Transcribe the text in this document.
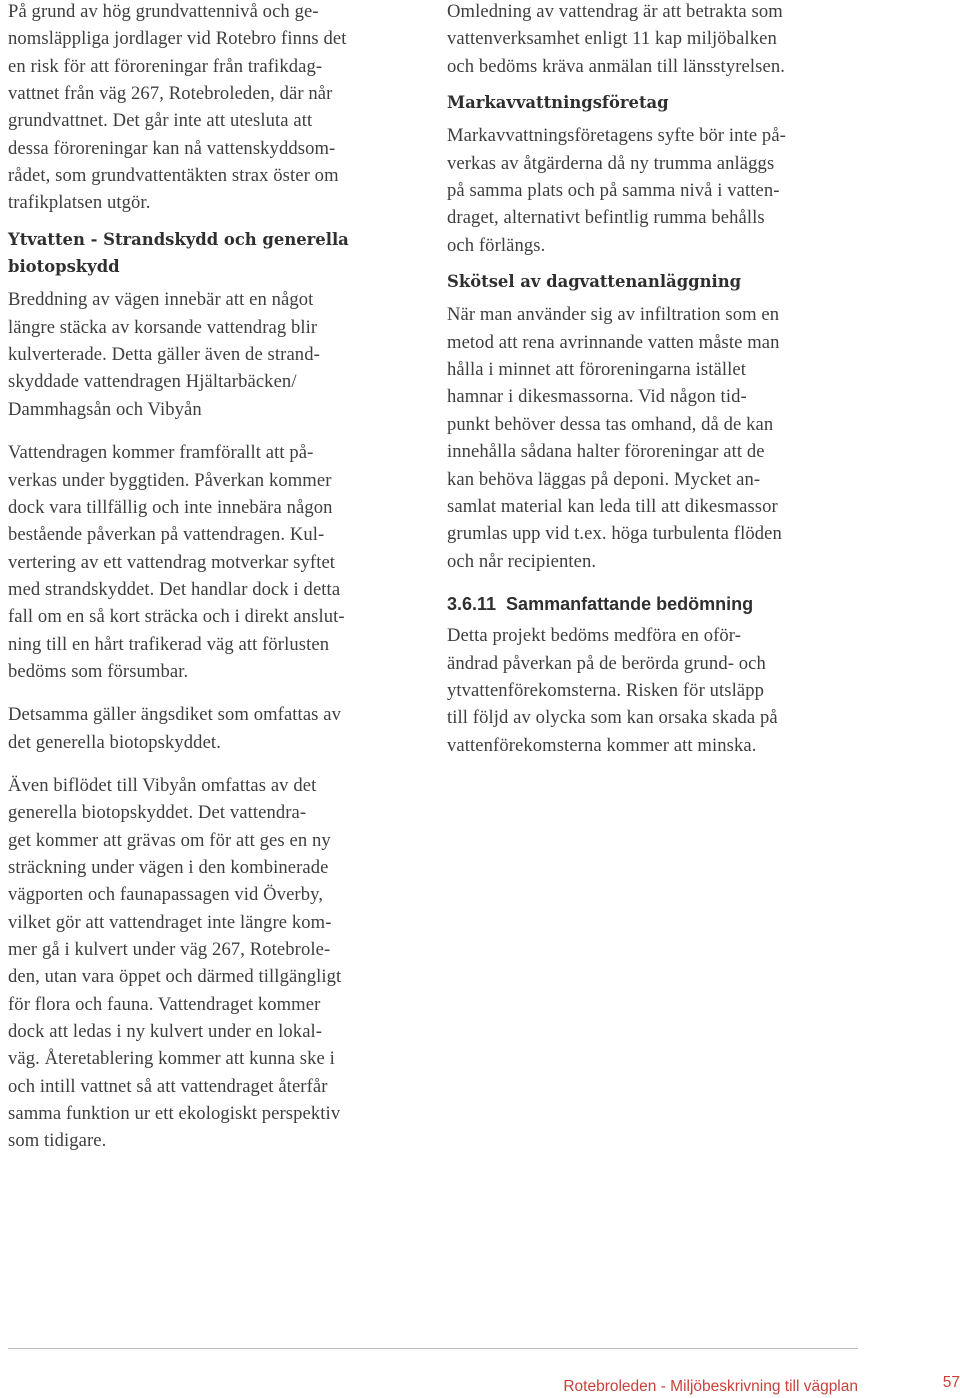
På grund av hög grundvattennivå och ge-
nomsläppliga jordlager vid Rotebro finns det
en risk för att föroreningar från trafikdag-
vattnet från väg 267, Rotebroleden, där når
grundvattnet. Det går inte att utesluta att
dessa föroreningar kan nå vattenskyddsom-
rådet, som grundvattentäkten strax öster om
trafikplatsen utgör.
Ytvatten - Strandskydd och generella
biotopskydd
Breddning av vägen innebär att en något
längre stäcka av korsande vattendrag blir
kulverterade. Detta gäller även de strand-
skyddade vattendragen Hjältarbäcken/
Dammhagsån och Vibyån
Vattendragen kommer framförallt att på-
verkas under byggtiden. Påverkan kommer
dock vara tillfällig och inte innebära någon
bestående påverkan på vattendragen. Kul-
vertering av ett vattendrag motverkar syftet
med strandskyddet. Det handlar dock i detta
fall om en så kort sträcka och i direkt anslut-
ning till en hårt trafikerad väg att förlusten
bedöms som försumbar.
Detsamma gäller ängsdiket som omfattas av
det generella biotopskyddet.
Även biflödet till Vibyån omfattas av det
generella biotopskyddet. Det vattendra-
get kommer att grävas om för att ges en ny
sträckning under vägen i den kombinerade
vägporten och faunapassagen vid Överby,
vilket gör att vattendraget inte längre kom-
mer gå i kulvert under väg 267, Rotebrole-
den, utan vara öppet och därmed tillgängligt
för flora och fauna. Vattendraget kommer
dock att ledas i ny kulvert under en lokal-
väg. Återetablering kommer att kunna ske i
och intill vattnet så att vattendraget återfår
samma funktion ur ett ekologiskt perspektiv
som tidigare.
Omledning av vattendrag är att betrakta som
vattenverksamhet enligt 11 kap miljöbalken
och bedöms kräva anmälan till länsstyrelsen.
Markavvattningsföretag
Markavvattningsföretagens syfte bör inte på-
verkas av åtgärderna då ny trumma anläggs
på samma plats och på samma nivå i vatten-
draget, alternativt befintlig rumma behålls
och förlängs.
Skötsel av dagvattenanläggning
När man använder sig av infiltration som en
metod att rena avrinnande vatten måste man
hålla i minnet att föroreningarna istället
hamnar i dikesmassorna. Vid någon tid-
punkt behöver dessa tas omhand, då de kan
innehålla sådana halter föroreningar att de
kan behöva läggas på deponi. Mycket an-
samlat material kan leda till att dikesmassor
grumlas upp vid t.ex. höga turbulenta flöden
och når recipienten.
3.6.11  Sammanfattande bedömning
Detta projekt bedöms medföra en oför-
ändrad påverkan på de berörda grund- och
ytvattenförekomsterna. Risken för utsläpp
till följd av olycka som kan orsaka skada på
vattenförekomsterna kommer att minska.
Rotebroleden - Miljöbeskrivning till vägplan	57
